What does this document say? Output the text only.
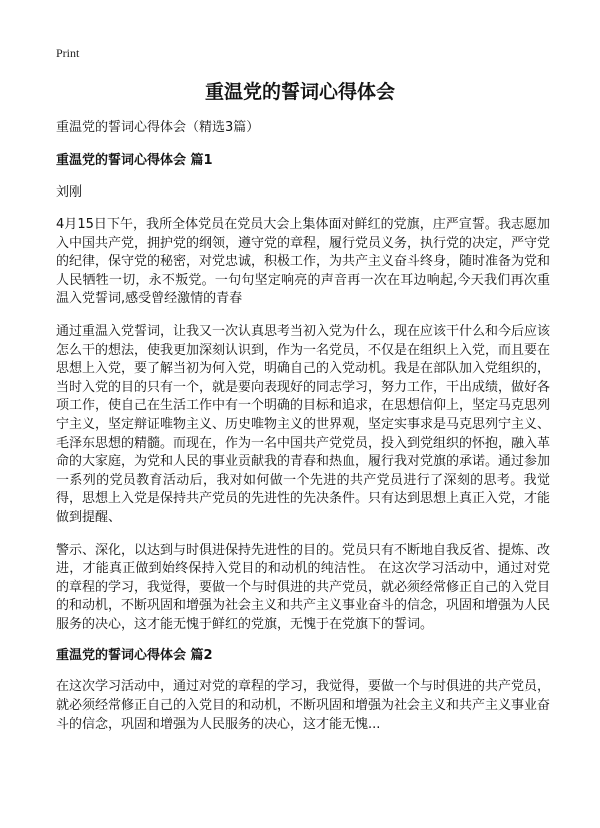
Print
重温党的誓词心得体会

重温党的誓词心得体会（精选3篇）

重温党的誓词心得体会 篇1

刘刚

4月15日下午，我所全体党员在党员大会上集体面对鲜红的党旗，庄严宣誓。我志愿加入中国共产党，拥护党的纲领，遵守党的章程，履行党员义务，执行党的决定，严守党的纪律，保守党的秘密，对党忠诚，积极工作，为共产主义奋斗终身，随时准备为党和人民牺牲一切，永不叛党。一句句坚定响亮的声音再一次在耳边响起,今天我们再次重温入党誓词,感受曾经激情的青春

通过重温入党誓词，让我又一次认真思考当初入党为什么，现在应该干什么和今后应该怎么干的想法，使我更加深刻认识到，作为一名党员，不仅是在组织上入党，而且要在思想上入党，要了解当初为何入党，明确自己的入党动机。我是在部队加入党组织的，当时入党的目的只有一个，就是要向表现好的同志学习，努力工作，干出成绩，做好各项工作，使自己在生活工作中有一个明确的目标和追求，在思想信仰上，坚定马克思列宁主义，坚定辩证唯物主义、历史唯物主义的世界观，坚定实事求是马克思列宁主义、毛泽东思想的精髓。而现在，作为一名中国共产党党员，投入到党组织的怀抱，融入革命的大家庭，为党和人民的事业贡献我的青春和热血，履行我对党旗的承诺。通过参加一系列的党员教育活动后，我对如何做一个先进的共产党员进行了深刻的思考。我觉得，思想上入党是保持共产党员的先进性的先决条件。只有达到思想上真正入党，才能做到提醒、

警示、深化，以达到与时俱进保持先进性的目的。党员只有不断地自我反省、提炼、改进，才能真正做到始终保持入党目的和动机的纯洁性。 在这次学习活动中，通过对党的章程的学习，我觉得，要做一个与时俱进的共产党员，就必须经常修正自己的入党目的和动机，不断巩固和增强为社会主义和共产主义事业奋斗的信念，巩固和增强为人民服务的决心，这才能无愧于鲜红的党旗，无愧于在党旗下的誓词。

重温党的誓词心得体会 篇2

在这次学习活动中，通过对党的章程的学习，我觉得，要做一个与时俱进的共产党员，就必须经常修正自己的入党目的和动机，不断巩固和增强为社会主义和共产主义事业奋斗的信念，巩固和增强为人民服务的决心，这才能无愧...
